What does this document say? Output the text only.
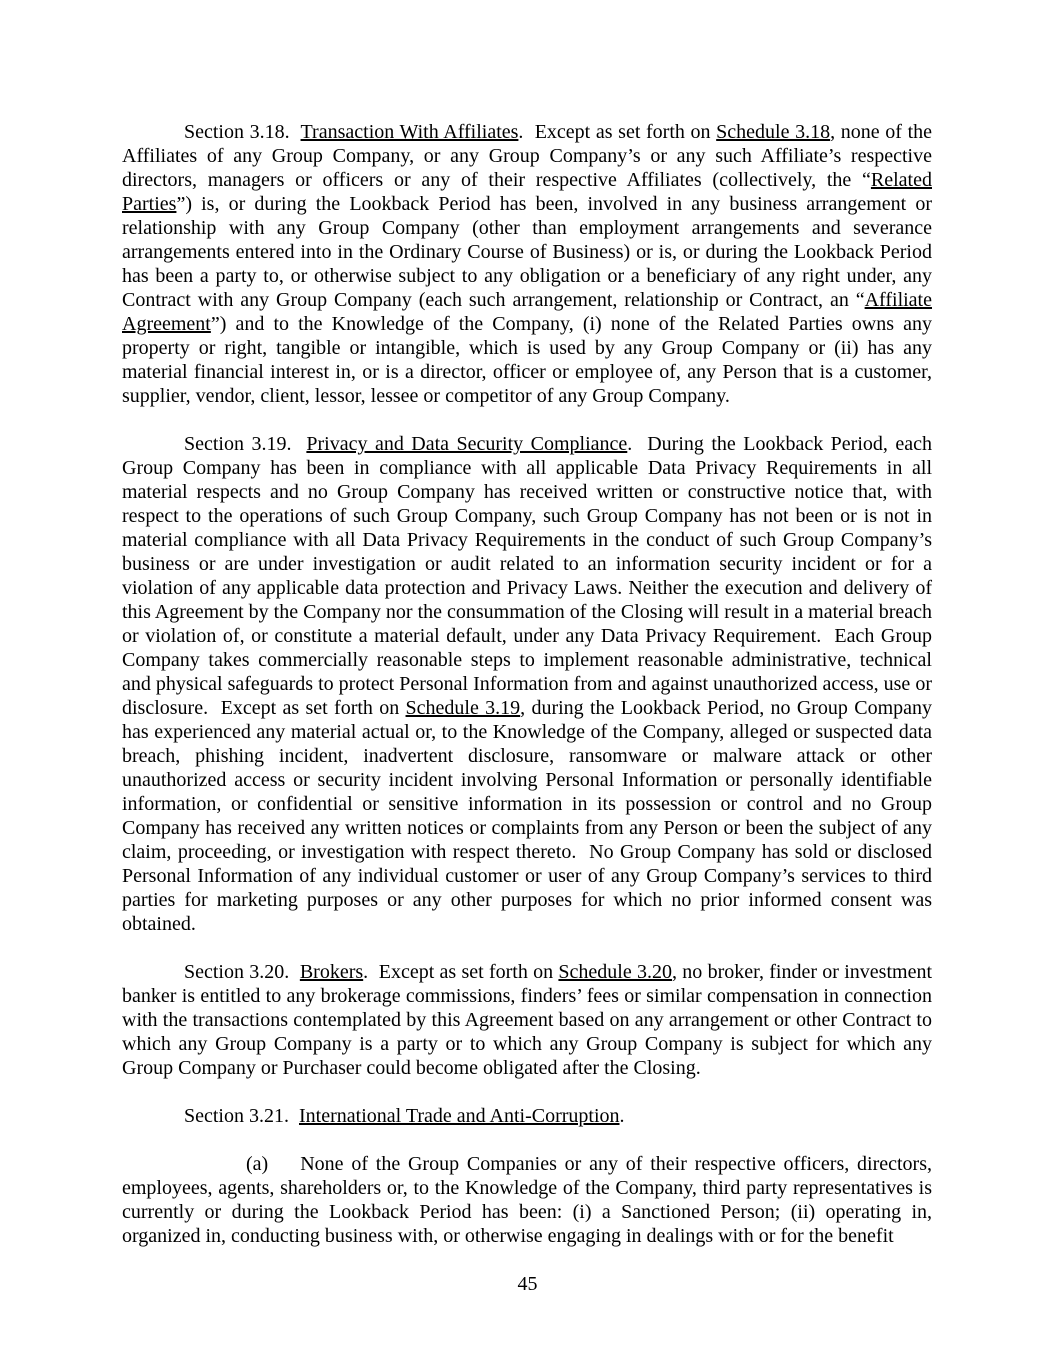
Section 3.18.  Transaction With Affiliates.  Except as set forth on Schedule 3.18, none of the Affiliates of any Group Company, or any Group Company’s or any such Affiliate’s respective directors, managers or officers or any of their respective Affiliates (collectively, the “Related Parties”) is, or during the Lookback Period has been, involved in any business arrangement or relationship with any Group Company (other than employment arrangements and severance arrangements entered into in the Ordinary Course of Business) or is, or during the Lookback Period has been a party to, or otherwise subject to any obligation or a beneficiary of any right under, any Contract with any Group Company (each such arrangement, relationship or Contract, an “Affiliate Agreement”) and to the Knowledge of the Company, (i) none of the Related Parties owns any property or right, tangible or intangible, which is used by any Group Company or (ii) has any material financial interest in, or is a director, officer or employee of, any Person that is a customer, supplier, vendor, client, lessor, lessee or competitor of any Group Company.

Section 3.19.  Privacy and Data Security Compliance.  During the Lookback Period, each Group Company has been in compliance with all applicable Data Privacy Requirements in all material respects and no Group Company has received written or constructive notice that, with respect to the operations of such Group Company, such Group Company has not been or is not in material compliance with all Data Privacy Requirements in the conduct of such Group Company’s business or are under investigation or audit related to an information security incident or for a violation of any applicable data protection and Privacy Laws. Neither the execution and delivery of this Agreement by the Company nor the consummation of the Closing will result in a material breach or violation of, or constitute a material default, under any Data Privacy Requirement.  Each Group Company takes commercially reasonable steps to implement reasonable administrative, technical and physical safeguards to protect Personal Information from and against unauthorized access, use or disclosure.  Except as set forth on Schedule 3.19, during the Lookback Period, no Group Company has experienced any material actual or, to the Knowledge of the Company, alleged or suspected data breach, phishing incident, inadvertent disclosure, ransomware or malware attack or other unauthorized access or security incident involving Personal Information or personally identifiable information, or confidential or sensitive information in its possession or control and no Group Company has received any written notices or complaints from any Person or been the subject of any claim, proceeding, or investigation with respect thereto.  No Group Company has sold or disclosed Personal Information of any individual customer or user of any Group Company’s services to third parties for marketing purposes or any other purposes for which no prior informed consent was obtained.

Section 3.20.  Brokers.  Except as set forth on Schedule 3.20, no broker, finder or investment banker is entitled to any brokerage commissions, finders’ fees or similar compensation in connection with the transactions contemplated by this Agreement based on any arrangement or other Contract to which any Group Company is a party or to which any Group Company is subject for which any Group Company or Purchaser could become obligated after the Closing.

Section 3.21.  International Trade and Anti-Corruption.

(a) None of the Group Companies or any of their respective officers, directors, employees, agents, shareholders or, to the Knowledge of the Company, third party representatives is currently or during the Lookback Period has been: (i) a Sanctioned Person; (ii) operating in, organized in, conducting business with, or otherwise engaging in dealings with or for the benefit

45
